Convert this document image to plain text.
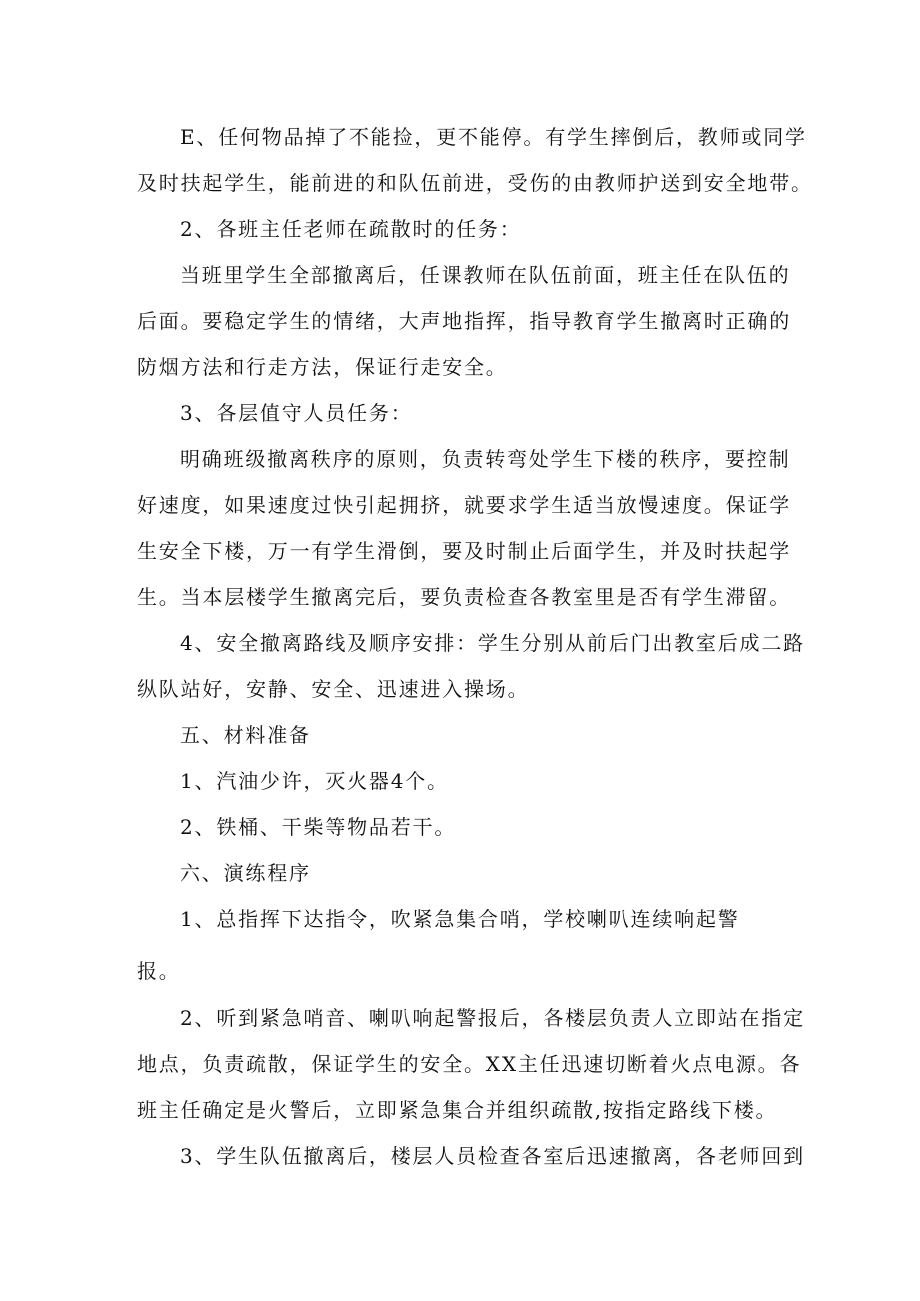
E、任何物品掉了不能捡，更不能停。有学生摔倒后，教师或同学
及时扶起学生，能前进的和队伍前进，受伤的由教师护送到安全地带。
2、各班主任老师在疏散时的任务：
当班里学生全部撤离后，任课教师在队伍前面，班主任在队伍的
后面。要稳定学生的情绪，大声地指挥，指导教育学生撤离时正确的
防烟方法和行走方法，保证行走安全。
3、各层值守人员任务：
明确班级撤离秩序的原则，负责转弯处学生下楼的秩序，要控制
好速度，如果速度过快引起拥挤，就要求学生适当放慢速度。保证学
生安全下楼，万一有学生滑倒，要及时制止后面学生，并及时扶起学
生。当本层楼学生撤离完后，要负责检查各教室里是否有学生滞留。
4、安全撤离路线及顺序安排：学生分别从前后门出教室后成二路
纵队站好，安静、安全、迅速进入操场。
五、材料准备
1、汽油少许，灭火器4个。
2、铁桶、干柴等物品若干。
六、演练程序
1、总指挥下达指令，吹紧急集合哨，学校喇叭连续响起警
报。
2、听到紧急哨音、喇叭响起警报后，各楼层负责人立即站在指定
地点，负责疏散，保证学生的安全。XX主任迅速切断着火点电源。各
班主任确定是火警后，立即紧急集合并组织疏散,按指定路线下楼。
3、学生队伍撤离后，楼层人员检查各室后迅速撤离，各老师回到
